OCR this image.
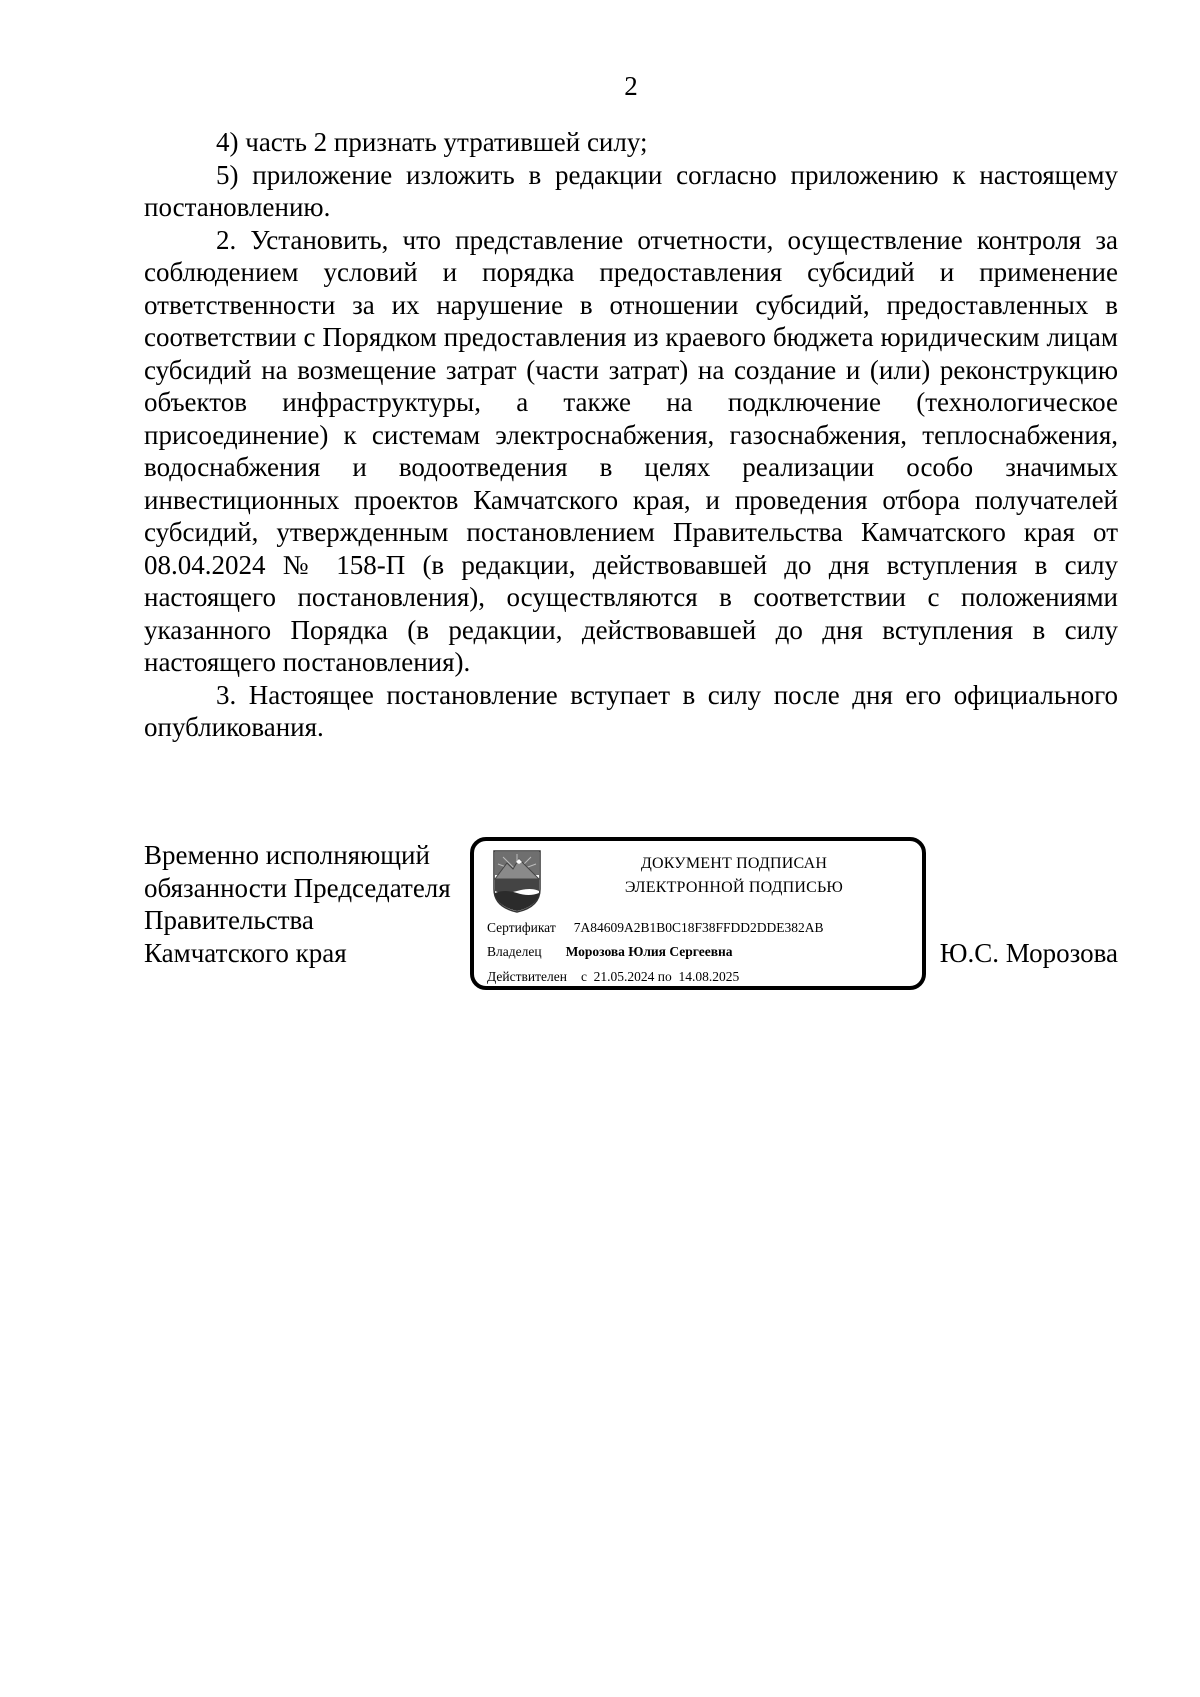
2

4) часть 2 признать утратившей силу;

5) приложение изложить в редакции согласно приложению к настоящему постановлению.

2. Установить, что представление отчетности, осуществление контроля за соблюдением условий и порядка предоставления субсидий и применение ответственности за их нарушение в отношении субсидий, предоставленных в соответствии с Порядком предоставления из краевого бюджета юридическим лицам субсидий на возмещение затрат (части затрат) на создание и (или) реконструкцию объектов инфраструктуры, а также на подключение (технологическое присоединение) к системам электроснабжения, газоснабжения, теплоснабжения, водоснабжения и водоотведения в целях реализации особо значимых инвестиционных проектов Камчатского края, и проведения отбора получателей субсидий, утвержденным постановлением Правительства Камчатского края от 08.04.2024 № 158-П (в редакции, действовавшей до дня вступления в силу настоящего постановления), осуществляются в соответствии с положениями указанного Порядка (в редакции, действовавшей до дня вступления в силу настоящего постановления).

3. Настоящее постановление вступает в силу после дня его официального опубликования.

Временно исполняющий
обязанности Председателя
Правительства
Камчатского края
ДОКУМЕНТ ПОДПИСАН
ЭЛЕКТРОННОЙ ПОДПИСЬЮ
Сертификат 7A84609A2B1B0C18F38FFDD2DDE382AB
Владелец Морозова Юлия Сергеевна
Действителен с  21.05.2024 по  14.08.2025
Ю.С. Морозова
